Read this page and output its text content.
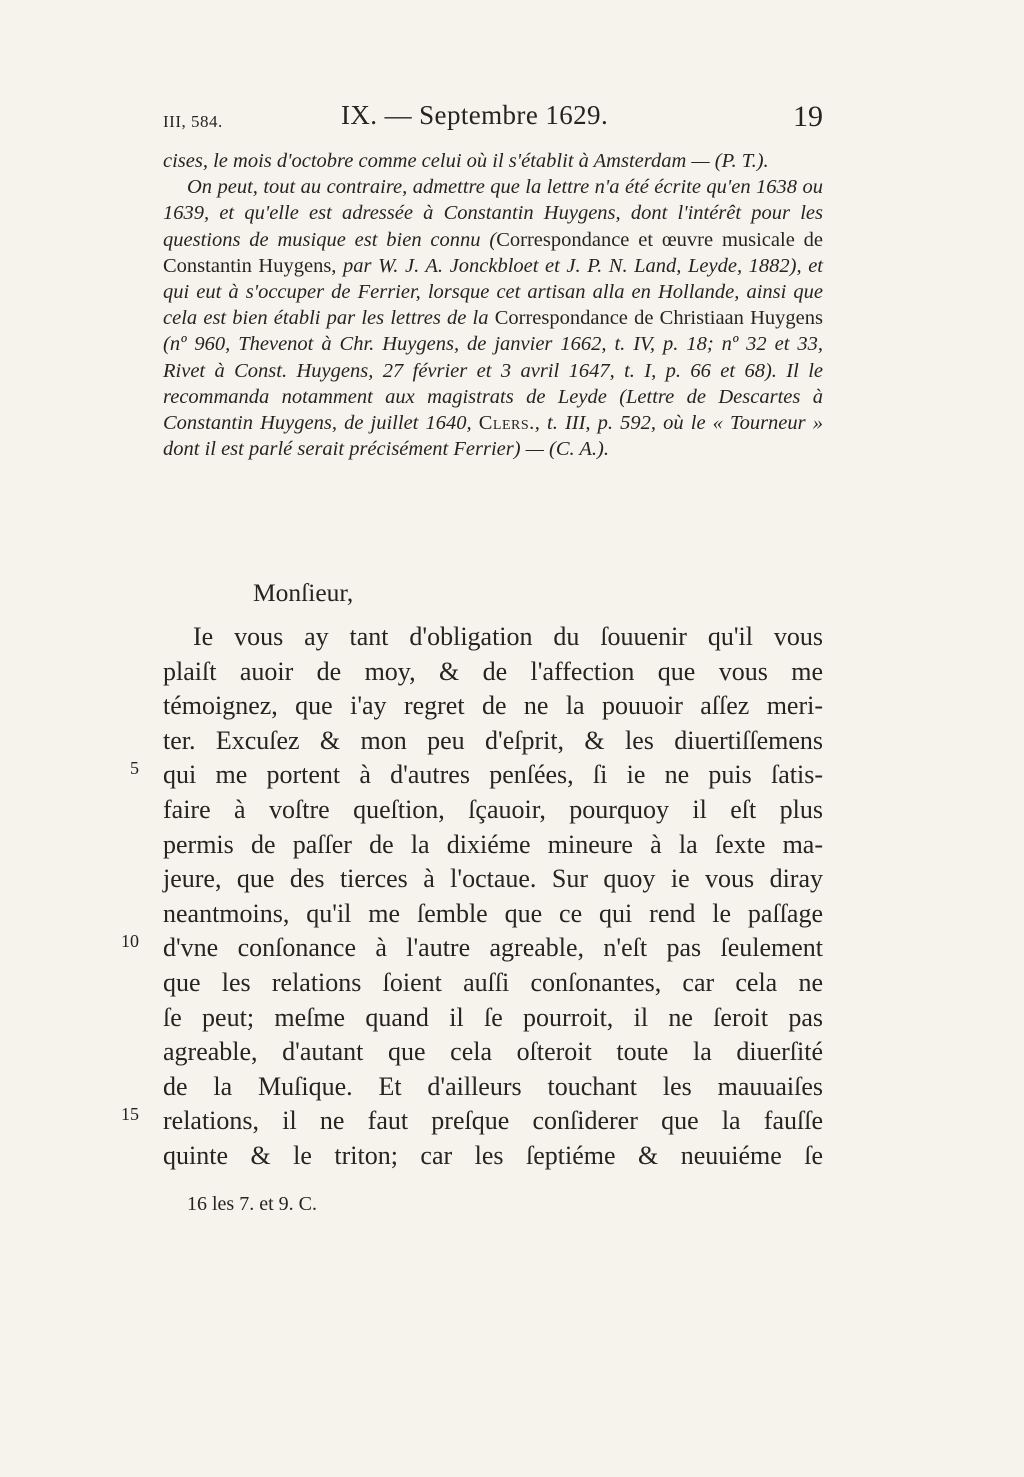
III, 584.	IX. — Septembre 1629.	19

cises, le mois d'octobre comme celui où il s'établit à Amsterdam — (P. T.).

On peut, tout au contraire, admettre que la lettre n'a été écrite qu'en 1638 ou 1639, et qu'elle est adressée à Constantin Huygens, dont l'intérêt pour les questions de musique est bien connu (Correspondance et œuvre musicale de Constantin Huygens, par W. J. A. Jonckbloet et J. P. N. Land, Leyde, 1882), et qui eut à s'occuper de Ferrier, lorsque cet artisan alla en Hollande, ainsi que cela est bien établi par les lettres de la Correspondance de Christiaan Huygens (nº 960, Thevenot à Chr. Huygens, de janvier 1662, t. IV, p. 18; nº 32 et 33, Rivet à Const. Huygens, 27 février et 3 avril 1647, t. I, p. 66 et 68). Il le recommanda notamment aux magistrats de Leyde (Lettre de Descartes à Constantin Huygens, de juillet 1640, Clers., t. III, p. 592, où le « Tourneur » dont il est parlé serait précisément Ferrier) — (C. A.).

Monſieur,
Ie vous ay tant d'obligation du ſouuenir qu'il vous
plaiſt auoir de moy, & de l'affection que vous me
témoignez, que i'ay regret de ne la pouuoir aſſez meri-
ter. Excuſez & mon peu d'eſprit, & les diuertiſſemens
5 qui me portent à d'autres penſées, ſi ie ne puis ſatis-
faire à voſtre queſtion, ſçauoir, pourquoy il eſt plus
permis de paſſer de la dixiéme mineure à la ſexte ma-
jeure, que des tierces à l'octaue. Sur quoy ie vous diray
neantmoins, qu'il me ſemble que ce qui rend le paſſage
10 d'vne conſonance à l'autre agreable, n'eſt pas ſeulement
que les relations ſoient auſſi conſonantes, car cela ne
ſe peut; meſme quand il ſe pourroit, il ne ſeroit pas
agreable, d'autant que cela oſteroit toute la diuerſité
de la Muſique. Et d'ailleurs touchant les mauuaiſes
15 relations, il ne faut preſque conſiderer que la fauſſe
quinte & le triton; car les ſeptiéme & neuuiéme ſe
16 les 7. et 9. C.
